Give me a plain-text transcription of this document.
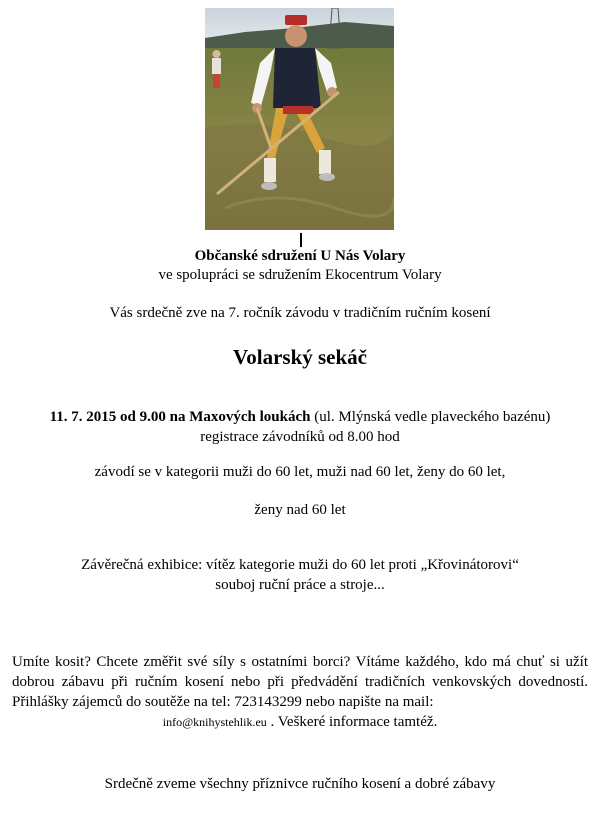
Občanské sdružení U Nás Volary
ve spolupráci se sdružením Ekocentrum Volary
Vás srdečně zve na 7. ročník závodu v tradičním ručním kosení
Volarský sekáč
11. 7. 2015 od 9.00 na Maxových loukách (ul. Mlýnská vedle plaveckého bazénu)
registrace závodníků od 8.00 hod
závodí se v kategorii muži do 60 let, muži nad 60 let, ženy do 60 let,
ženy nad 60 let
Závěrečná exhibice: vítěz kategorie muži do 60 let proti „Křovinátorovi“
souboj ruční práce a stroje...
Umíte kosit? Chcete změřit své síly s ostatními borci? Vítáme každého, kdo má chuť si užít dobrou zábavu při ručním kosení nebo při předvádění tradičních venkovských dovedností. Přihlášky zájemců do soutěže na tel: 723143299 nebo napište na mail:
info@knihystehlik.eu . Veškeré informace tamtéž.
Srdečně zveme všechny příznivce ručního kosení a dobré zábavy
